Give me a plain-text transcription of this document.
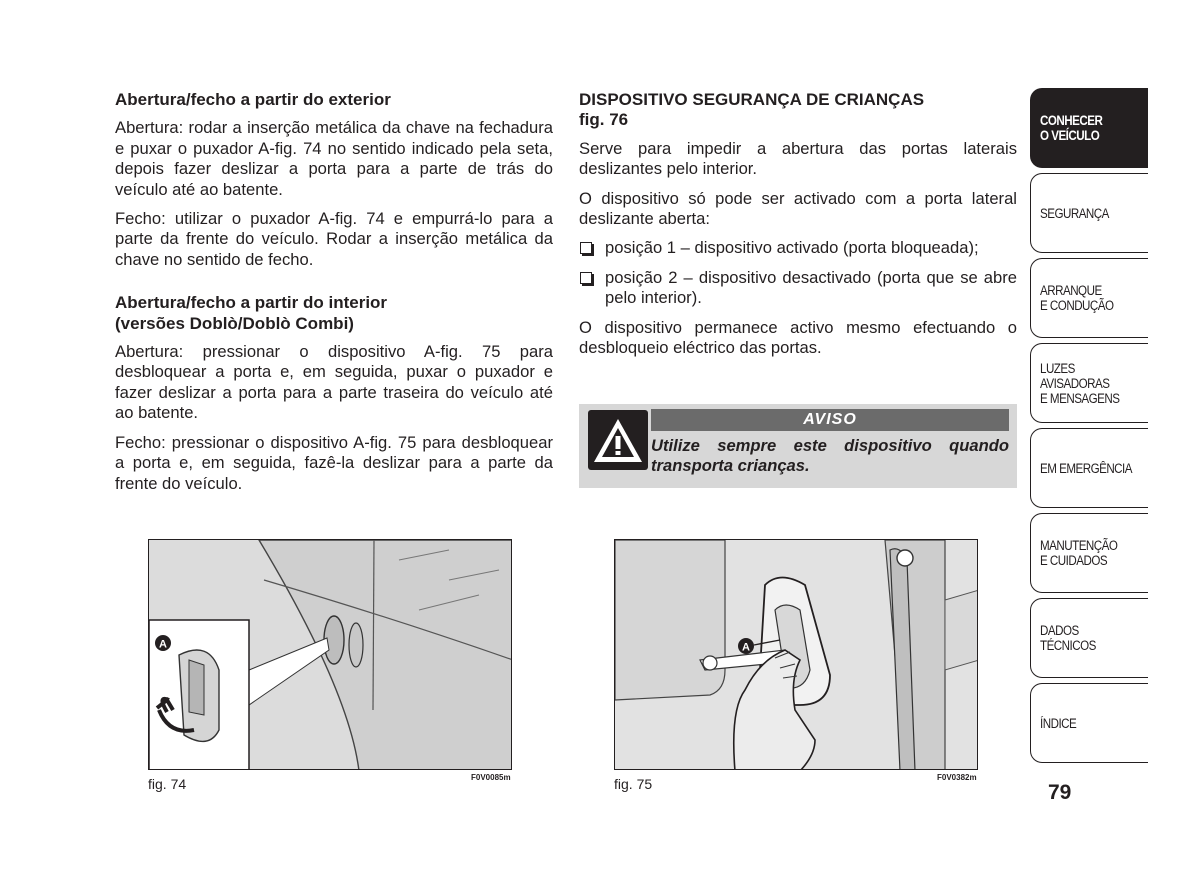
Abertura/fecho a partir do exterior

Abertura: rodar a inserção metálica da chave na fechadura e puxar o puxador A-fig. 74 no sentido indicado pela seta, depois fazer deslizar a porta para a parte de trás do veículo até ao batente.

Fecho: utilizar o puxador A-fig. 74 e empurrá-lo para a parte da frente do veículo. Rodar a inserção metálica da chave no sentido de fecho.

Abertura/fecho a partir do interior
(versões Doblò/Doblò Combi)

Abertura: pressionar o dispositivo A-fig. 75 para desbloquear a porta e, em seguida, puxar o puxador e fazer deslizar a porta para a parte traseira do veículo até ao batente.

Fecho: pressionar o dispositivo A-fig. 75 para desbloquear a porta e, em seguida, fazê-la deslizar para a parte da frente do veículo.

DISPOSITIVO SEGURANÇA DE CRIANÇAS
fig. 76

Serve para impedir a abertura das portas laterais deslizantes pelo interior.

O dispositivo só pode ser activado com a porta lateral deslizante aberta:

posição 1 – dispositivo activado (porta bloqueada);
posição 2 – dispositivo desactivado (porta que se abre pelo interior).

O dispositivo permanece activo mesmo efectuando o desbloqueio eléctrico das portas.

AVISO
Utilize sempre este dispositivo quando transporta crianças.
A
fig. 74	F0V0085m
A
fig. 75	F0V0382m
CONHECER
O VEÍCULO
SEGURANÇA
ARRANQUE
E CONDUÇÃO
LUZES AVISADORAS
E MENSAGENS
EM EMERGÊNCIA
MANUTENÇÃO
E CUIDADOS
DADOS TÉCNICOS
ÍNDICE
79
